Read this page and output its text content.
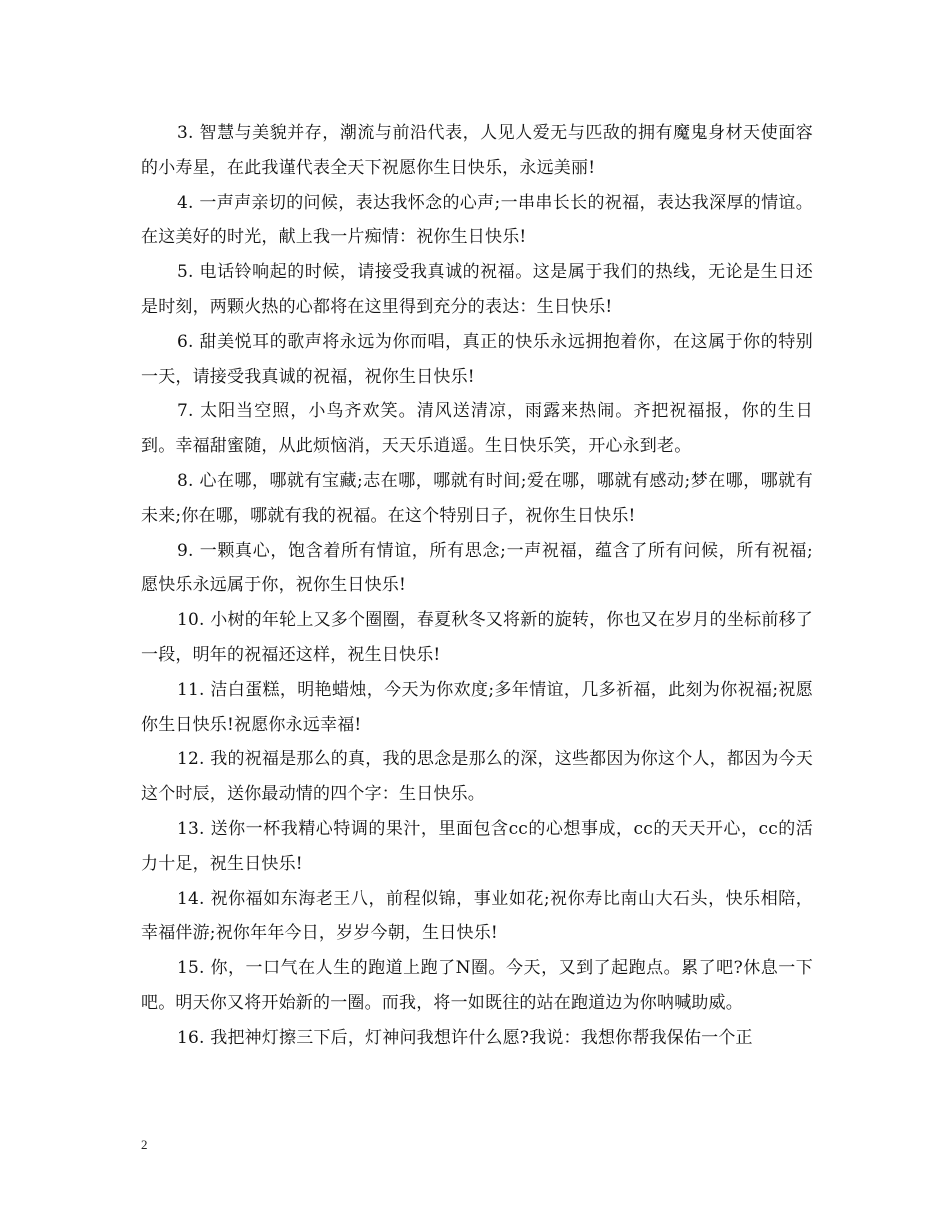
3. 智慧与美貌并存，潮流与前沿代表，人见人爱无与匹敌的拥有魔鬼身材天使面容的小寿星，在此我谨代表全天下祝愿你生日快乐，永远美丽!

4. 一声声亲切的问候，表达我怀念的心声;一串串长长的祝福，表达我深厚的情谊。在这美好的时光，献上我一片痴情：祝你生日快乐!

5. 电话铃响起的时候，请接受我真诚的祝福。这是属于我们的热线，无论是生日还是时刻，两颗火热的心都将在这里得到充分的表达：生日快乐!

6. 甜美悦耳的歌声将永远为你而唱，真正的快乐永远拥抱着你，在这属于你的特别一天，请接受我真诚的祝福，祝你生日快乐!

7. 太阳当空照，小鸟齐欢笑。清风送清凉，雨露来热闹。齐把祝福报，你的生日到。幸福甜蜜随，从此烦恼消，天天乐逍遥。生日快乐笑，开心永到老。

8. 心在哪，哪就有宝藏;志在哪，哪就有时间;爱在哪，哪就有感动;梦在哪，哪就有未来;你在哪，哪就有我的祝福。在这个特别日子，祝你生日快乐!

9. 一颗真心，饱含着所有情谊，所有思念;一声祝福，蕴含了所有问候，所有祝福;愿快乐永远属于你，祝你生日快乐!

10. 小树的年轮上又多个圈圈，春夏秋冬又将新的旋转，你也又在岁月的坐标前移了一段，明年的祝福还这样，祝生日快乐!

11. 洁白蛋糕，明艳蜡烛，今天为你欢度;多年情谊，几多祈福，此刻为你祝福;祝愿你生日快乐!祝愿你永远幸福!

12. 我的祝福是那么的真，我的思念是那么的深，这些都因为你这个人，都因为今天这个时辰，送你最动情的四个字：生日快乐。

13. 送你一杯我精心特调的果汁，里面包含cc的心想事成，cc的天天开心，cc的活力十足，祝生日快乐!

14. 祝你福如东海老王八，前程似锦，事业如花;祝你寿比南山大石头，快乐相陪，幸福伴游;祝你年年今日，岁岁今朝，生日快乐!

15. 你，一口气在人生的跑道上跑了N圈。今天，又到了起跑点。累了吧?休息一下吧。明天你又将开始新的一圈。而我，将一如既往的站在跑道边为你呐喊助威。

16. 我把神灯擦三下后，灯神问我想许什么愿?我说：我想你帮我保佑一个正

2
